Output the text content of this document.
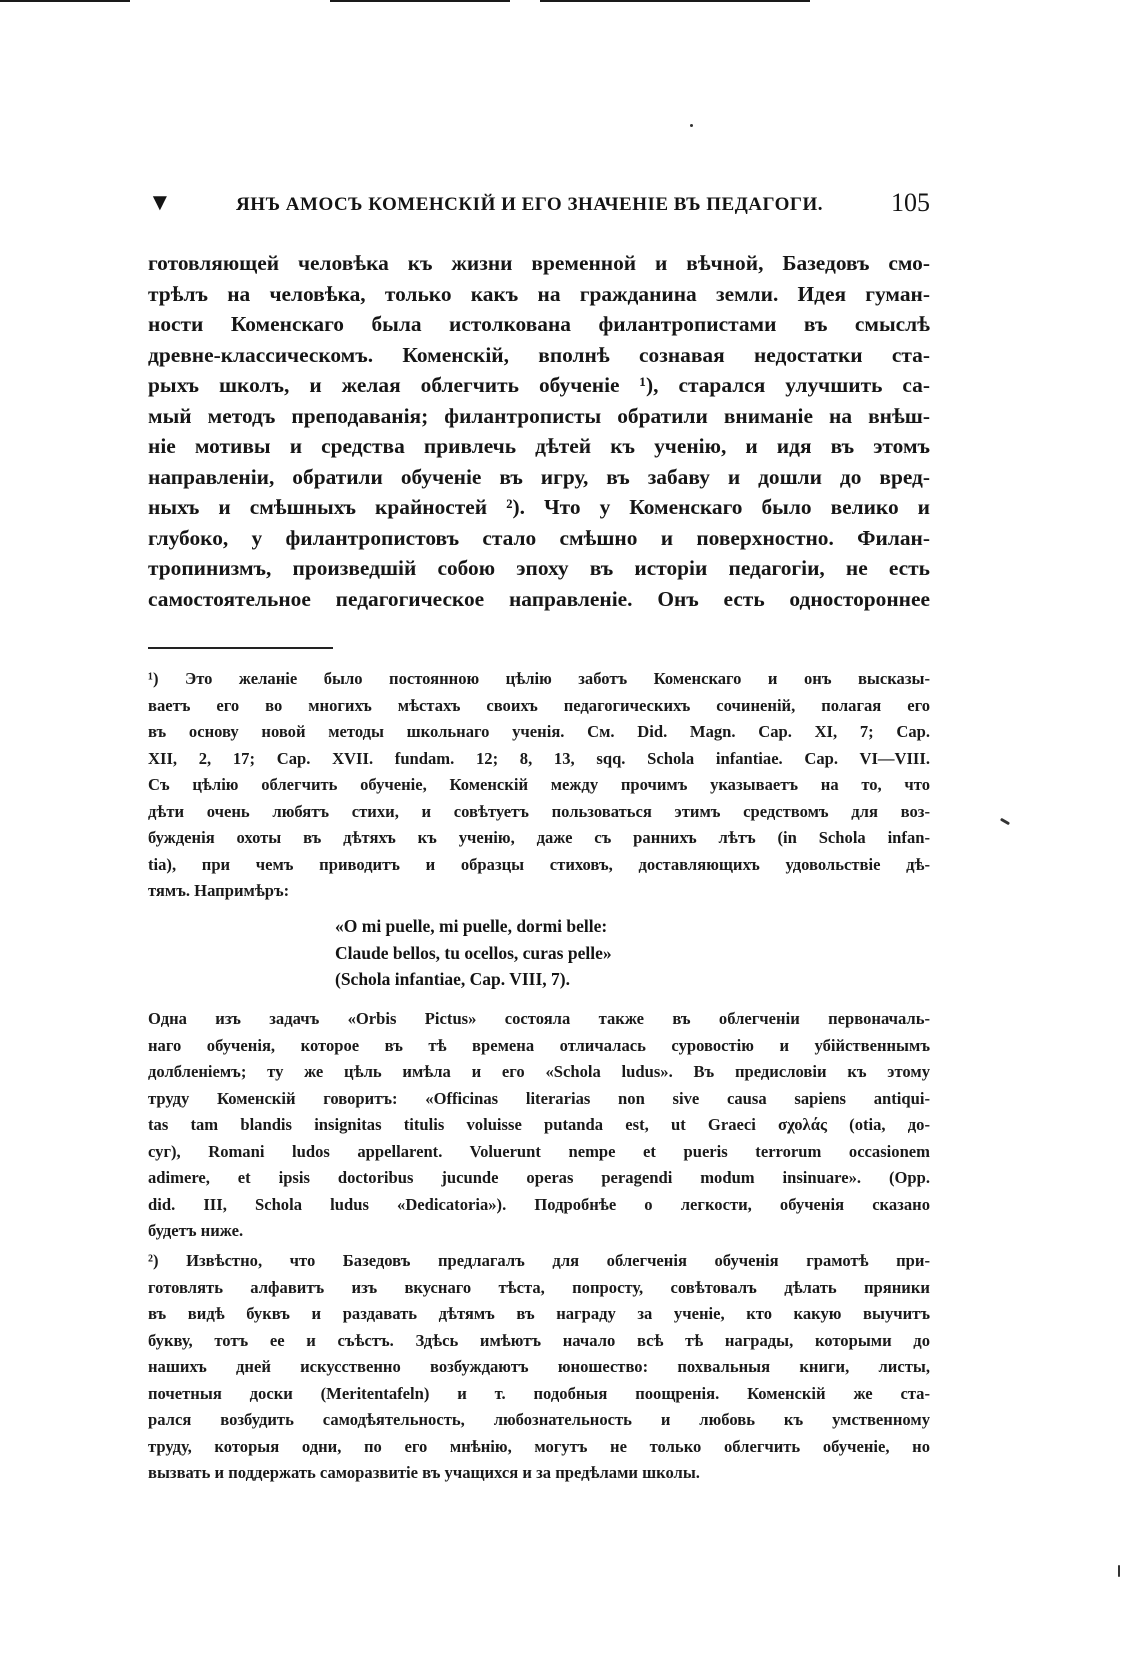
▼	ЯНЪ АМОСЪ КОМЕНСКІЙ И ЕГО ЗНАЧЕНІЕ ВЪ ПЕДАГОГИ.	105
готовляющей человѣка къ жизни временной и вѣчной, Базедовъ смо-
трѣлъ на человѣка, только какъ на гражданина земли. Идея гуман-
ности Коменскаго была истолкована филантропистами въ смыслѣ
древне-классическомъ. Коменскій, вполнѣ сознавая недостатки ста-
рыхъ школъ, и желая облегчить обученіе ¹), старался улучшить са-
мый методъ преподаванія; филантрописты обратили вниманіе на внѣш-
ніе мотивы и средства привлечь дѣтей къ ученію, и идя въ этомъ
направленіи, обратили обученіе въ игру, въ забаву и дошли до вред-
ныхъ и смѣшныхъ крайностей ²). Что у Коменскаго было велико и
глубоко, у филантропистовъ стало смѣшно и поверхностно. Филан-
тропинизмъ, произведшій собою эпоху въ исторіи педагогіи, не есть
самостоятельное педагогическое направленіе. Онъ есть одностороннее
¹) Это желаніе было постоянною цѣлію заботъ Коменскаго и онъ высказы-
ваетъ его во многихъ мѣстахъ своихъ педагогическихъ сочиненій, полагая его
въ основу новой методы школьнаго ученія. См. Did. Magn. Cap. XI, 7; Cap.
XII, 2, 17; Cap. XVII. fundam. 12; 8, 13, sqq. Schola infantiae. Cap. VI—VIII.
Съ цѣлію облегчить обученіе, Коменскій между прочимъ указываетъ на то, что
дѣти очень любятъ стихи, и совѣтуетъ пользоваться этимъ средствомъ для воз-
бужденія охоты въ дѣтяхъ къ ученію, даже съ раннихъ лѣтъ (in Schola infan-
tia), при чемъ приводитъ и образцы стиховъ, доставляющихъ удовольствіе дѣ-
тямъ. Напримѣръ:
«O mi puelle, mi puelle, dormi belle:
Claude bellos, tu ocellos, curas pelle»
(Schola infantiae, Cap. VIII, 7).
Одна изъ задачъ «Orbis Pictus» состояла также въ облегченіи первоначаль-
наго обученія, которое въ тѣ времена отличалась суровостію и убійственнымъ
долбленіемъ; ту же цѣль имѣла и его «Schola ludus». Въ предисловіи къ этому
труду Коменскій говоритъ: «Officinas literarias non sive causa sapiens antiqui-
tas tam blandis insignitas titulis voluisse putanda est, ut Graeci σχολάς (otia, до-
суг), Romani ludos appellarent. Voluerunt nempe et pueris terrorum occasionem
adimere, et ipsis doctoribus jucunde operas peragendi modum insinuare». (Opp.
did. III, Schola ludus «Dedicatoria»). Подробнѣе о легкости, обученія сказано
будетъ ниже.
²) Извѣстно, что Базедовъ предлагалъ для облегченія обученія грамотѣ при-
готовлять алфавитъ изъ вкуснаго тѣста, попросту, совѣтовалъ дѣлать пряники
въ видѣ буквъ и раздавать дѣтямъ въ награду за ученіе, кто какую выучитъ
букву, тотъ ее и съѣстъ. Здѣсь имѣютъ начало всѣ тѣ награды, которыми до
нашихъ дней искусственно возбуждаютъ юношество: похвальныя книги, листы,
почетныя доски (Meritentafeln) и т. подобныя поощренія. Коменскій же ста-
рался возбудить самодѣятельность, любознательность и любовь къ умственному
труду, которыя одни, по его мнѣнію, могутъ не только облегчить обученіе, но
вызвать и поддержать саморазвитіе въ учащихся и за предѣлами школы.
